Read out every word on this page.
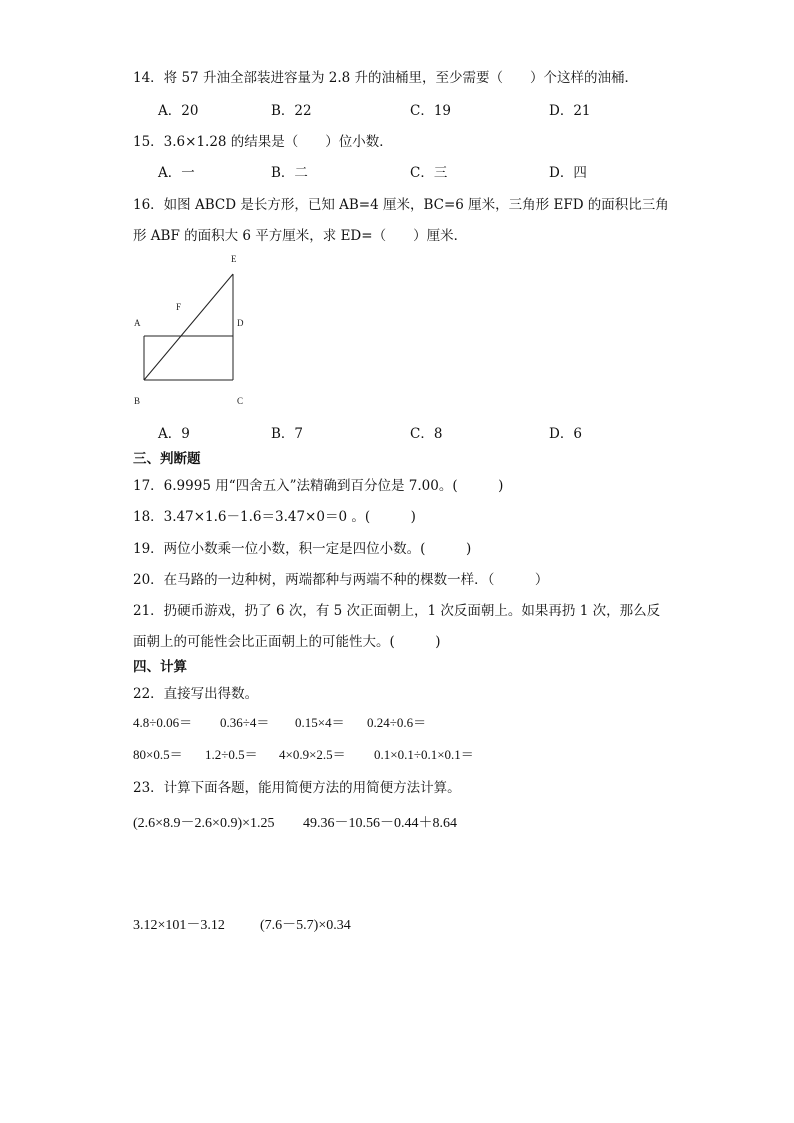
14．将 57 升油全部装进容量为 2.8 升的油桶里，至少需要（　　）个这样的油桶．
A．20	B．22	C．19	D．21
15．3.6×1.28 的结果是（　　）位小数．
A．一	B．二	C．三	D．四
16．如图 ABCD 是长方形，已知 AB=4 厘米，BC=6 厘米，三角形 EFD 的面积比三角
形 ABF 的面积大 6 平方厘米，求 ED=（　　）厘米．
E
F
A	D
B	C
A．9	B．7	C．8	D．6
三、判断题
17．6.9995 用“四舍五入”法精确到百分位是 7.00。(　　　)
18．3.47×1.6－1.6＝3.47×0＝0 。(　　　)
19．两位小数乘一位小数，积一定是四位小数。(　　　)
20．在马路的一边种树，两端都种与两端不种的棵数一样．（　　　）
21．扔硬币游戏，扔了 6 次，有 5 次正面朝上，1 次反面朝上。如果再扔 1 次，那么反
面朝上的可能性会比正面朝上的可能性大。(　　　)
四、计算
22．直接写出得数。
4.8÷0.06＝ 0.36÷4＝ 0.15×4＝ 0.24÷0.6＝
80×0.5＝ 1.2÷0.5＝ 4×0.9×2.5＝ 0.1×0.1÷0.1×0.1＝
23．计算下面各题，能用简便方法的用简便方法计算。
(2.6×8.9－2.6×0.9)×1.25 49.36－10.56－0.44＋8.64
3.12×101－3.12	(7.6－5.7)×0.34
